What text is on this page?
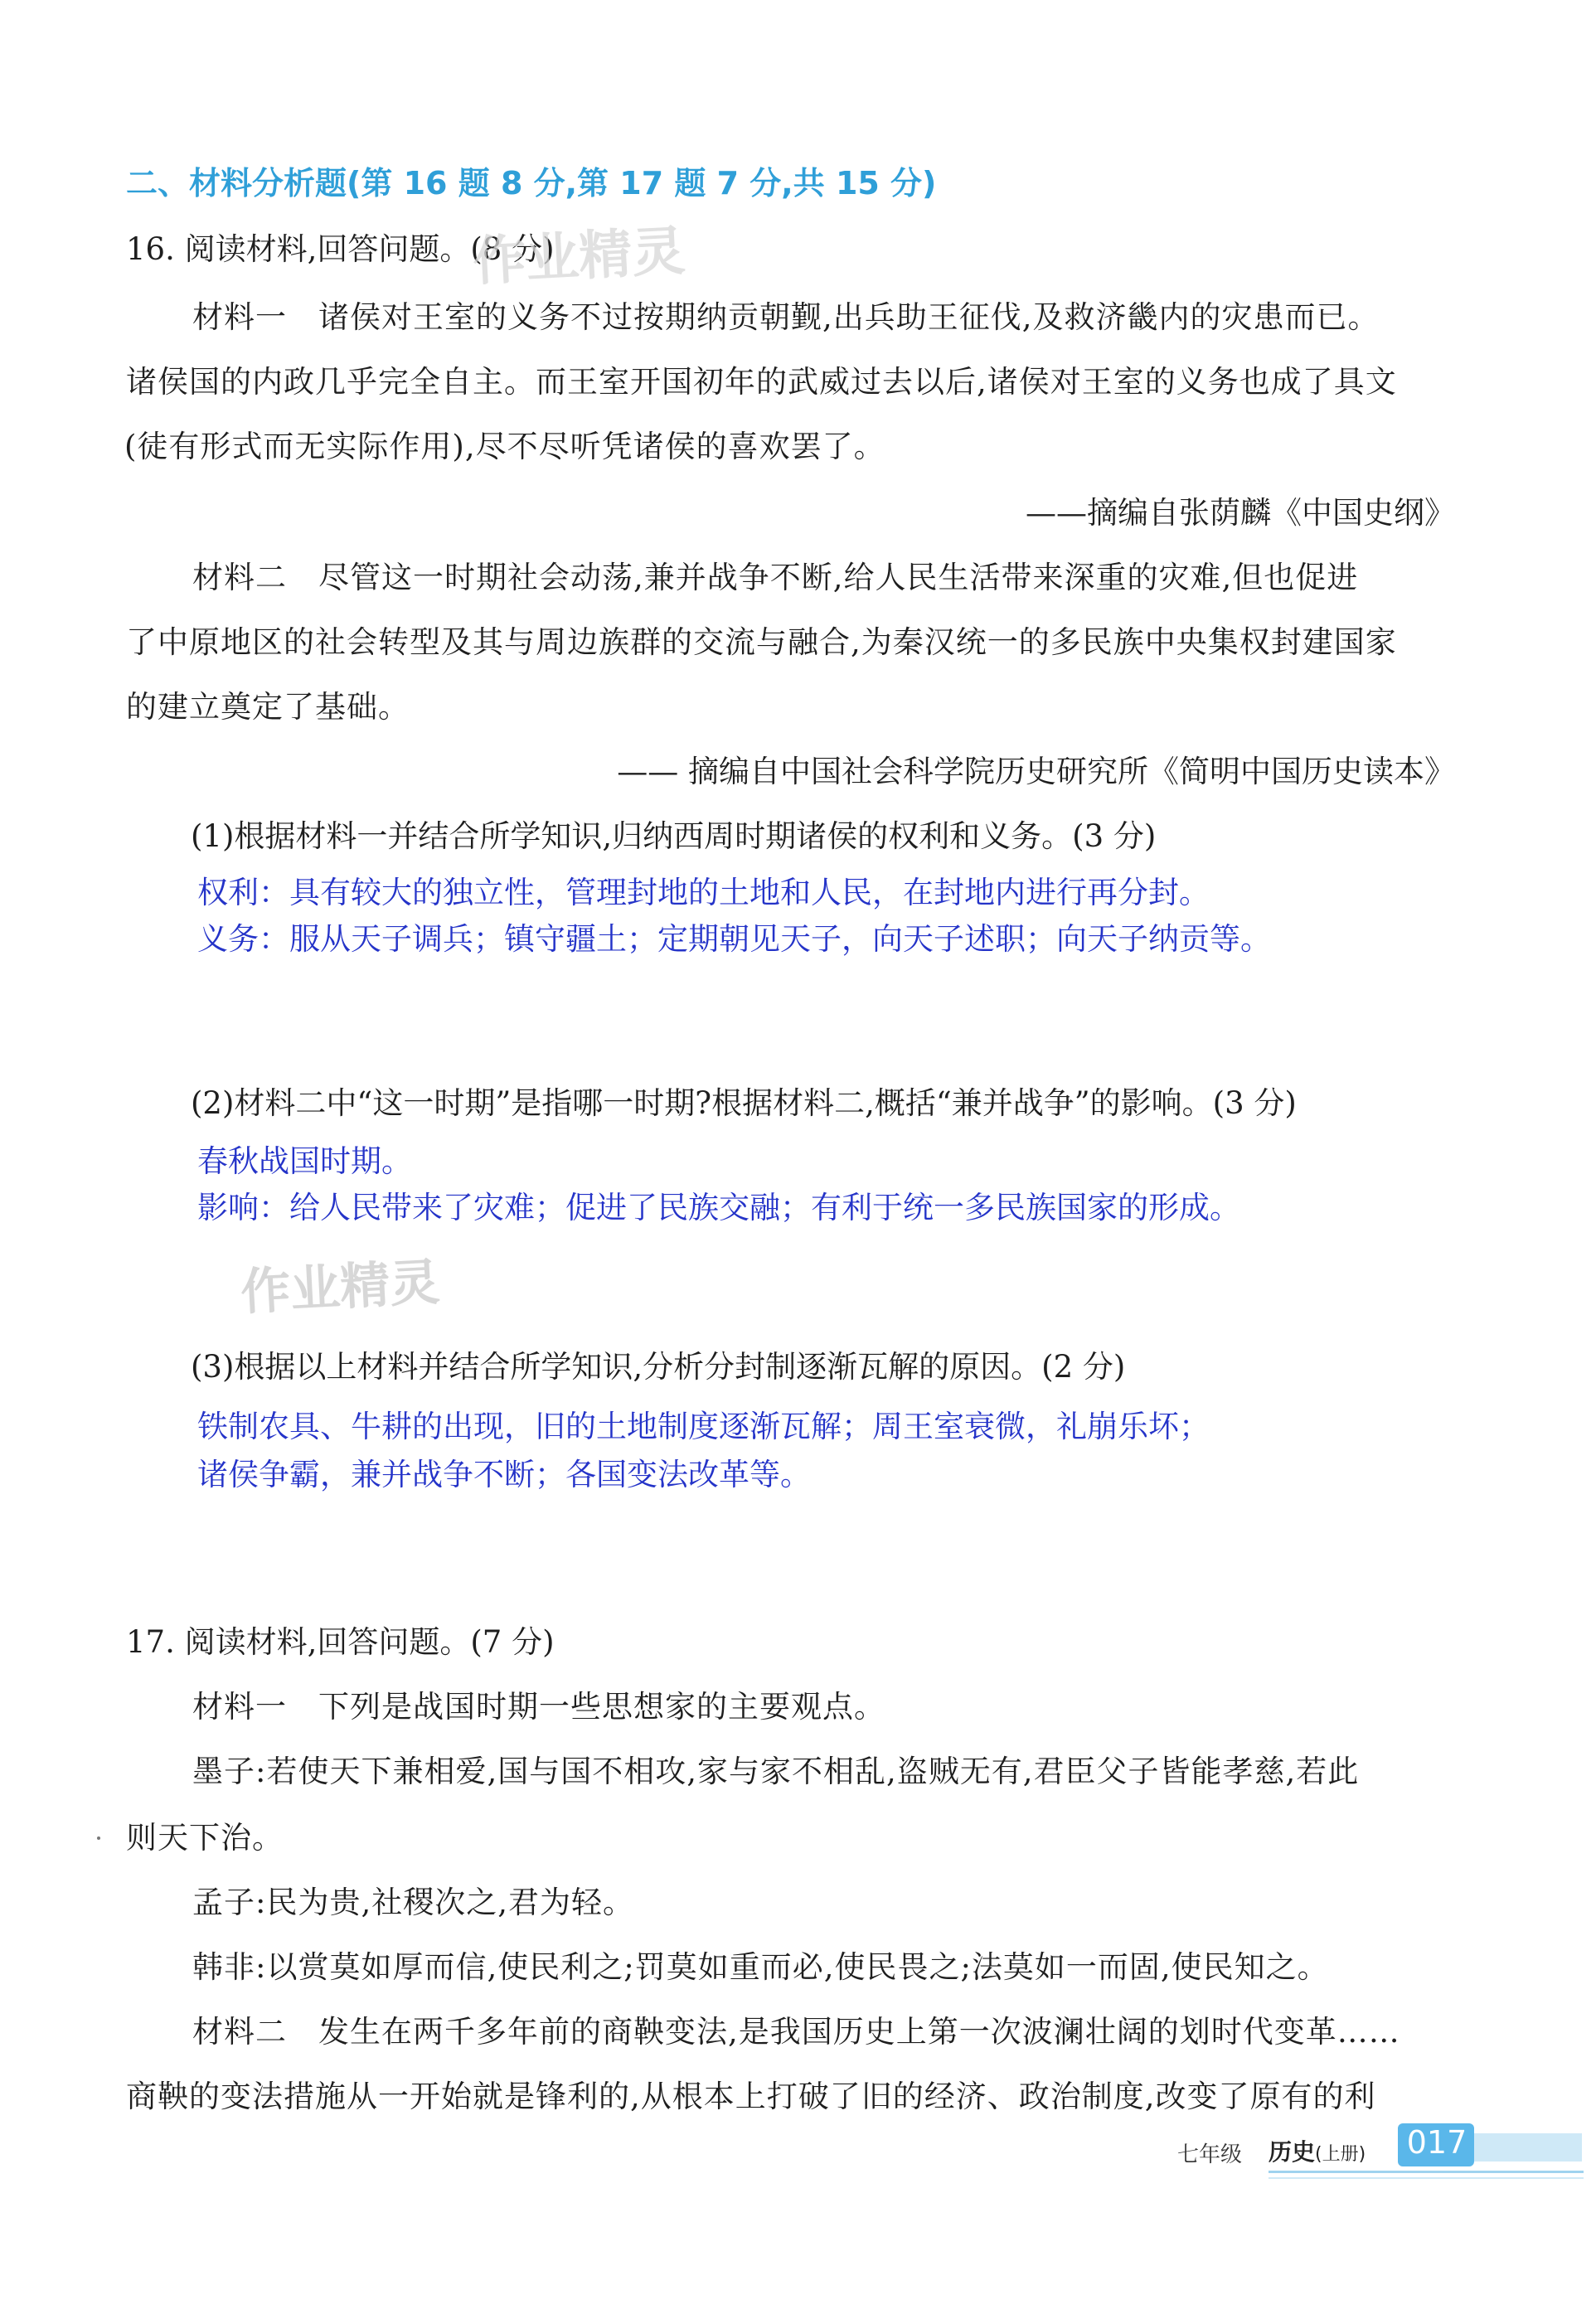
二、材料分析题(第 16 题 8 分,第 17 题 7 分,共 15 分)
16. 阅读材料,回答问题。(8 分)
作业精灵
材料一　诸侯对王室的义务不过按期纳贡朝觐,出兵助王征伐,及救济畿内的灾患而已。
诸侯国的内政几乎完全自主。而王室开国初年的武威过去以后,诸侯对王室的义务也成了具文
(徒有形式而无实际作用),尽不尽听凭诸侯的喜欢罢了。
——摘编自张荫麟《中国史纲》
材料二　尽管这一时期社会动荡,兼并战争不断,给人民生活带来深重的灾难,但也促进
了中原地区的社会转型及其与周边族群的交流与融合,为秦汉统一的多民族中央集权封建国家
的建立奠定了基础。
—— 摘编自中国社会科学院历史研究所《简明中国历史读本》
(1)根据材料一并结合所学知识,归纳西周时期诸侯的权利和义务。(3 分)
权利：具有较大的独立性，管理封地的土地和人民，在封地内进行再分封。
义务：服从天子调兵；镇守疆土；定期朝见天子，向天子述职；向天子纳贡等。
(2)材料二中“这一时期”是指哪一时期?根据材料二,概括“兼并战争”的影响。(3 分)
春秋战国时期。
影响：给人民带来了灾难；促进了民族交融；有利于统一多民族国家的形成。
作业精灵
(3)根据以上材料并结合所学知识,分析分封制逐渐瓦解的原因。(2 分)
铁制农具、牛耕的出现，旧的土地制度逐渐瓦解；周王室衰微，礼崩乐坏；
诸侯争霸，兼并战争不断；各国变法改革等。
17. 阅读材料,回答问题。(7 分)
材料一　下列是战国时期一些思想家的主要观点。
墨子:若使天下兼相爱,国与国不相攻,家与家不相乱,盗贼无有,君臣父子皆能孝慈,若此
则天下治。
孟子:民为贵,社稷次之,君为轻。
韩非:以赏莫如厚而信,使民利之;罚莫如重而必,使民畏之;法莫如一而固,使民知之。
材料二　发生在两千多年前的商鞅变法,是我国历史上第一次波澜壮阔的划时代变革……
商鞅的变法措施从一开始就是锋利的,从根本上打破了旧的经济、政治制度,改变了原有的利
七年级 历史(上册) 017
